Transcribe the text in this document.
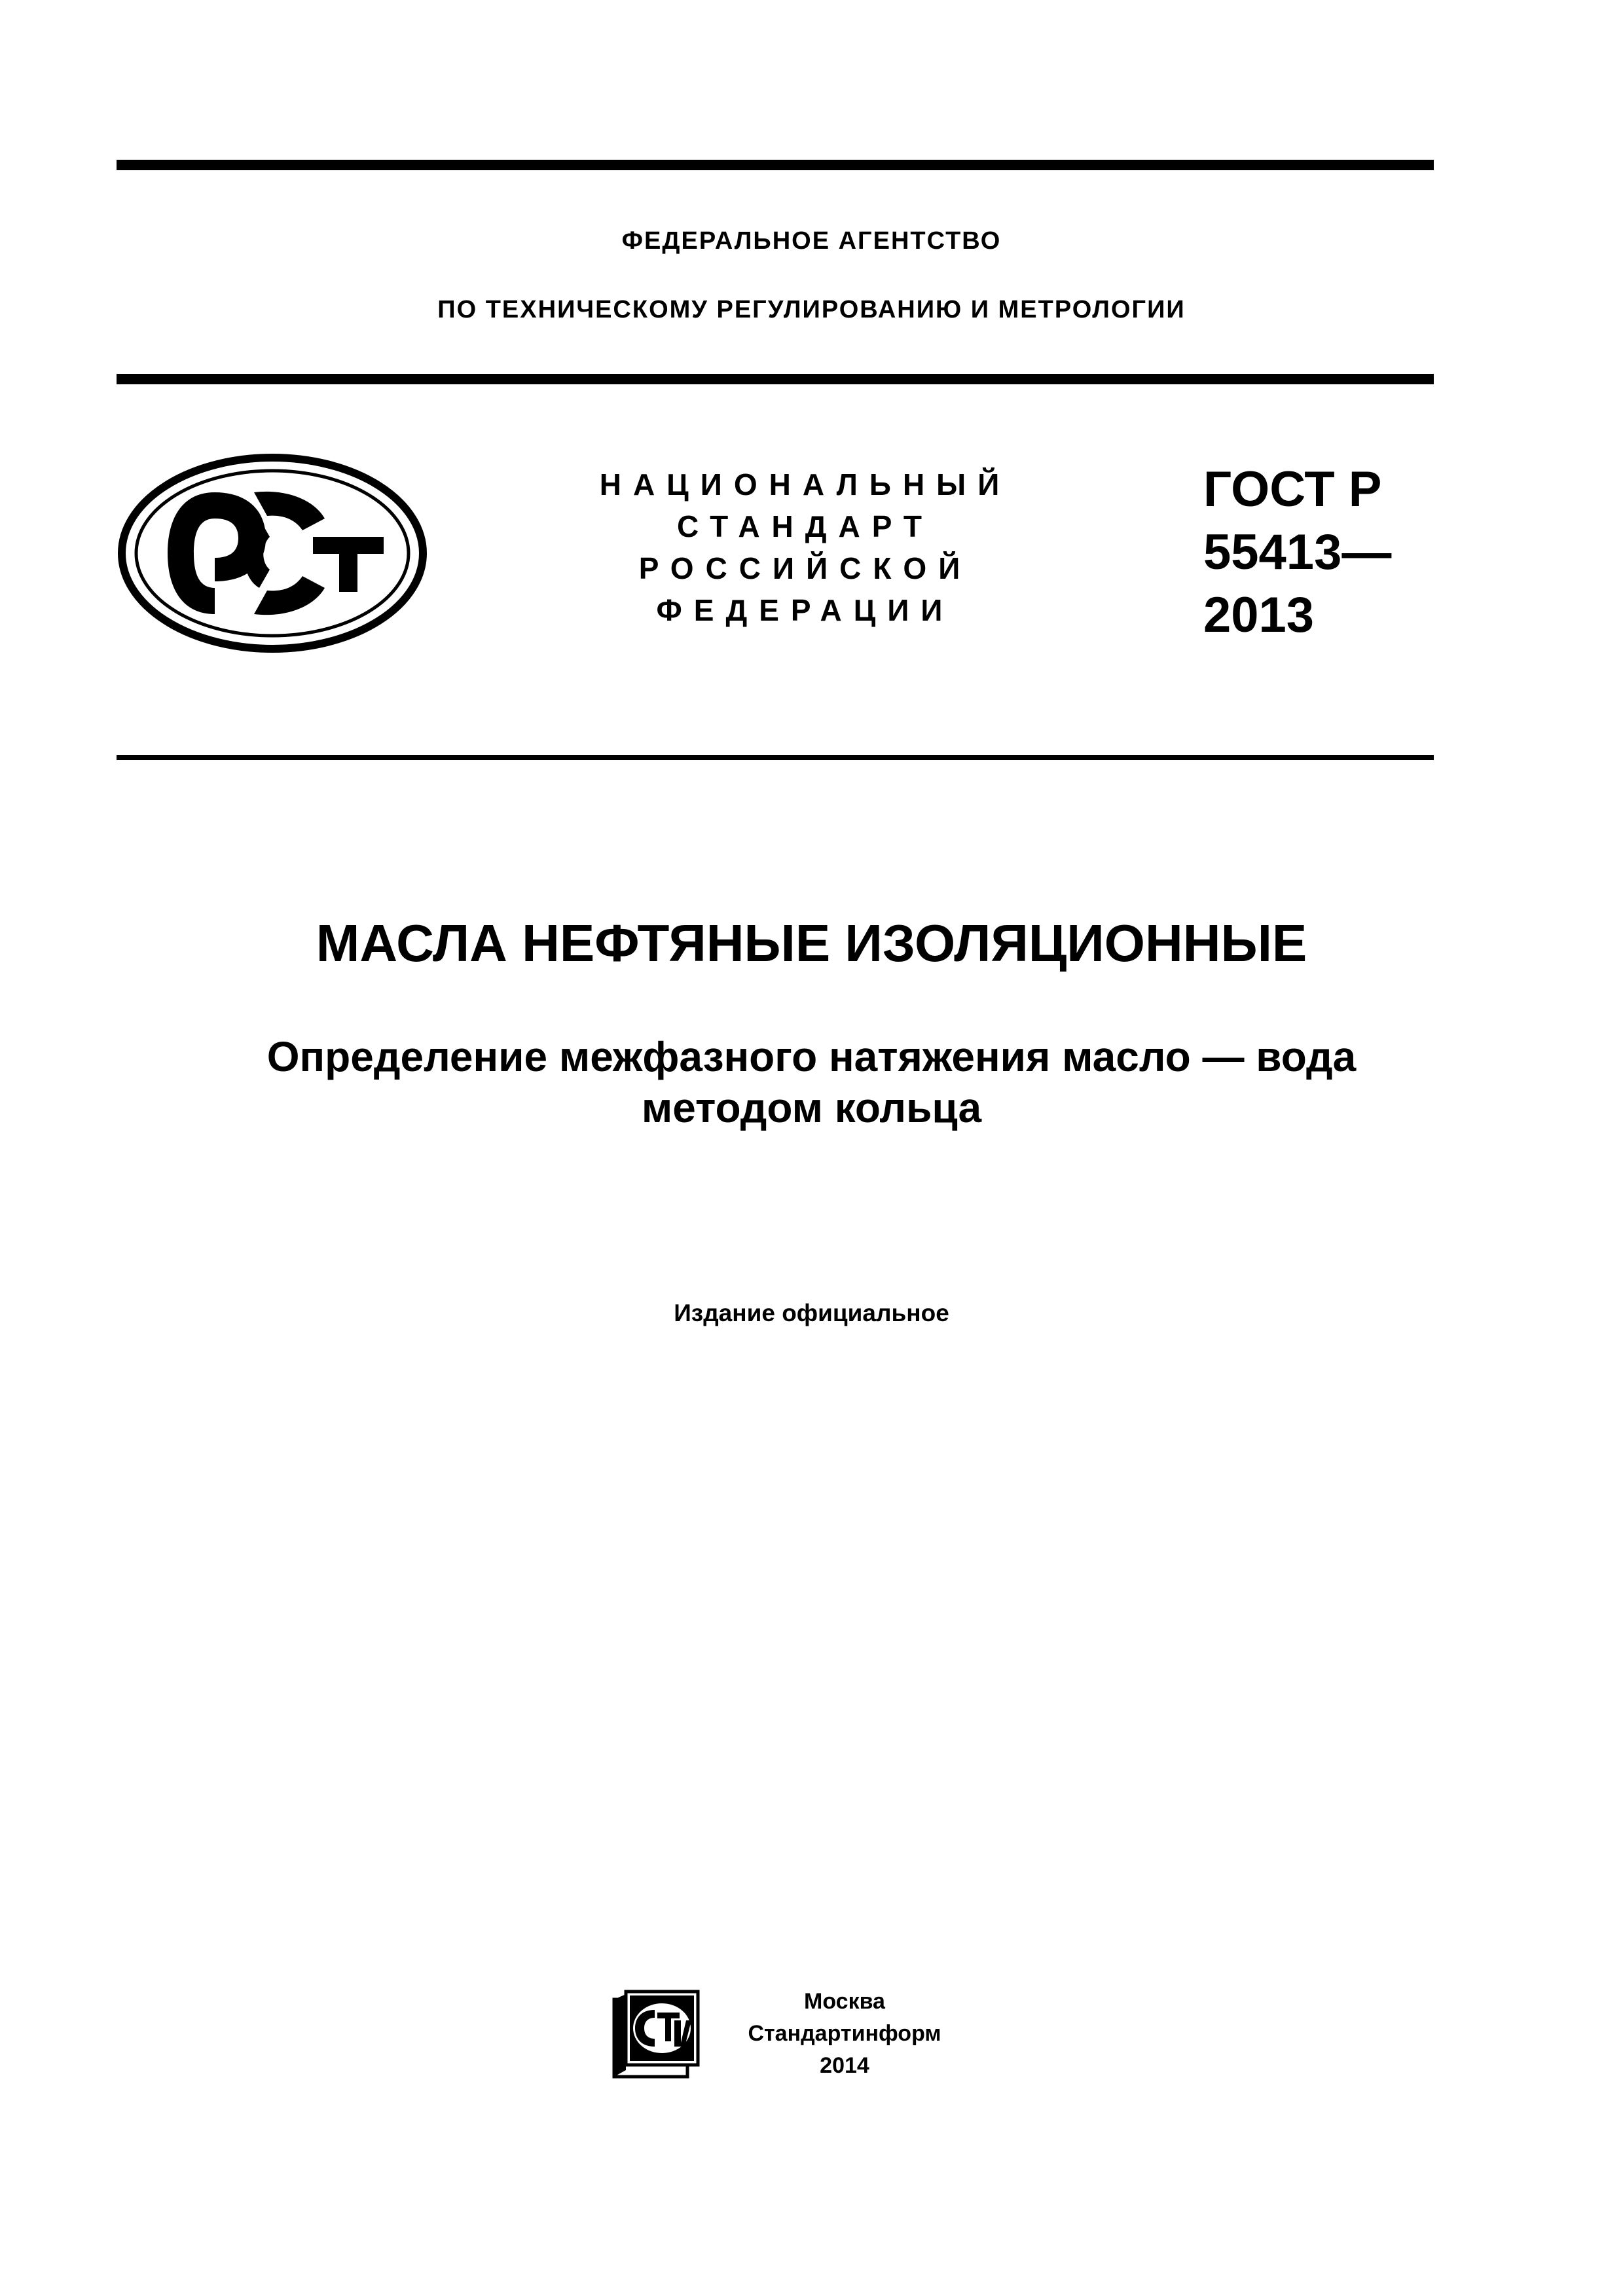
ФЕДЕРАЛЬНОЕ АГЕНТСТВО
ПО ТЕХНИЧЕСКОМУ РЕГУЛИРОВАНИЮ И МЕТРОЛОГИИ
НАЦИОНАЛЬНЫЙ
СТАНДАРТ
РОССИЙСКОЙ
ФЕДЕРАЦИИ
ГОСТ Р
55413—
2013
МАСЛА НЕФТЯНЫЕ ИЗОЛЯЦИОННЫЕ
Определение межфазного натяжения масло — вода
методом кольца
Издание официальное
Москва
Стандартинформ
2014
